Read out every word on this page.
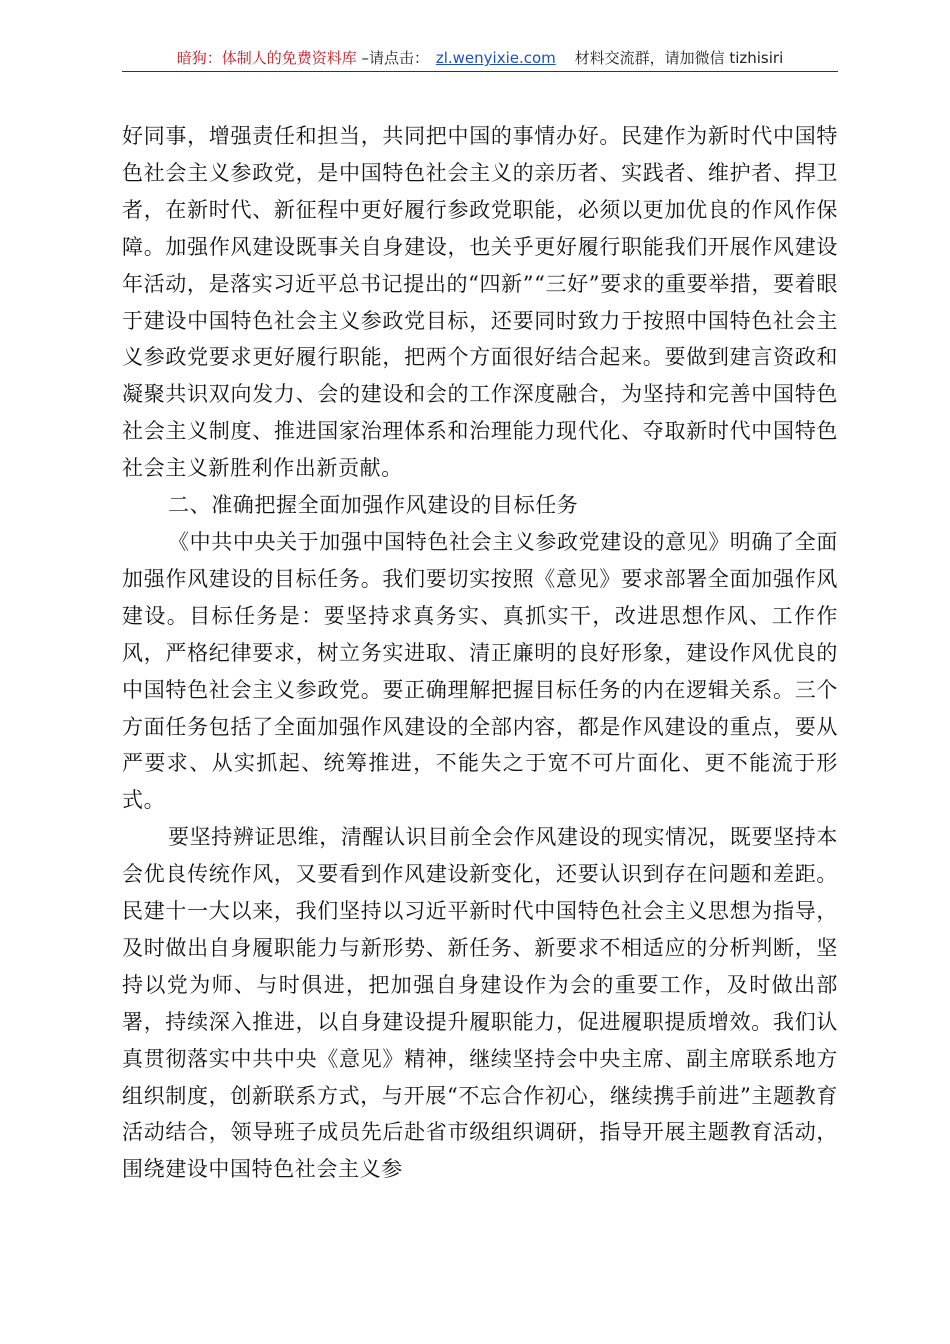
暗狗：体制人的免费资料库 –请点击： zl.wenyixie.com 材料交流群，请加微信 tizhisiri

好同事，增强责任和担当，共同把中国的事情办好。民建作为新时代中国特色社会主义参政党，是中国特色社会主义的亲历者、实践者、维护者、捍卫者，在新时代、新征程中更好履行参政党职能，必须以更加优良的作风作保障。加强作风建设既事关自身建设，也关乎更好履行职能我们开展作风建设年活动，是落实习近平总书记提出的“四新”“三好”要求的重要举措，要着眼于建设中国特色社会主义参政党目标，还要同时致力于按照中国特色社会主义参政党要求更好履行职能，把两个方面很好结合起来。要做到建言资政和凝聚共识双向发力、会的建设和会的工作深度融合，为坚持和完善中国特色社会主义制度、推进国家治理体系和治理能力现代化、夺取新时代中国特色社会主义新胜利作出新贡献。

二、准确把握全面加强作风建设的目标任务

《中共中央关于加强中国特色社会主义参政党建设的意见》明确了全面加强作风建设的目标任务。我们要切实按照《意见》要求部署全面加强作风建设。目标任务是：要坚持求真务实、真抓实干，改进思想作风、工作作风，严格纪律要求，树立务实进取、清正廉明的良好形象，建设作风优良的中国特色社会主义参政党。要正确理解把握目标任务的内在逻辑关系。三个方面任务包括了全面加强作风建设的全部内容，都是作风建设的重点，要从严要求、从实抓起、统筹推进，不能失之于宽不可片面化、更不能流于形式。

要坚持辨证思维，清醒认识目前全会作风建设的现实情况，既要坚持本会优良传统作风，又要看到作风建设新变化，还要认识到存在问题和差距。民建十一大以来，我们坚持以习近平新时代中国特色社会主义思想为指导，及时做出自身履职能力与新形势、新任务、新要求不相适应的分析判断，坚持以党为师、与时俱进，把加强自身建设作为会的重要工作，及时做出部署，持续深入推进，以自身建设提升履职能力，促进履职提质增效。我们认真贯彻落实中共中央《意见》精神，继续坚持会中央主席、副主席联系地方组织制度，创新联系方式，与开展“不忘合作初心，继续携手前进”主题教育活动结合，领导班子成员先后赴省市级组织调研，指导开展主题教育活动，围绕建设中国特色社会主义参
